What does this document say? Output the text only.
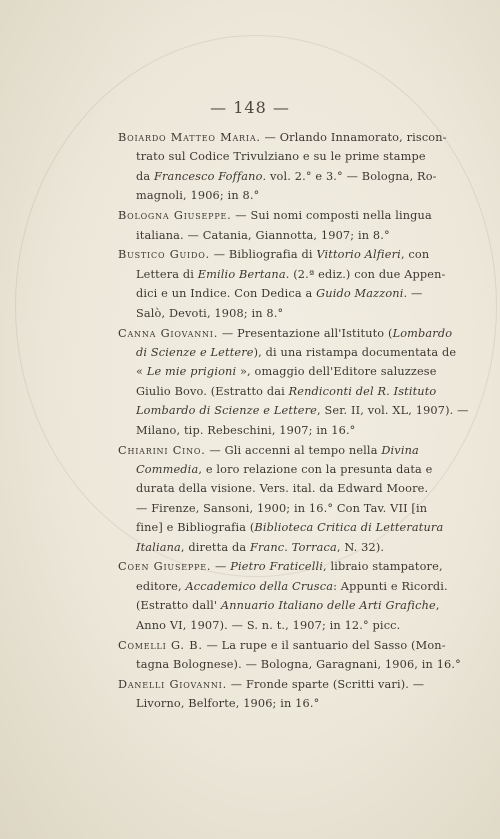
— 148 —
Boiardo Matteo Maria. — Orlando Innamorato, riscon-
trato sul Codice Trivulziano e su le prime stampe
da Francesco Foffano. vol. 2.° e 3.° — Bologna, Ro-
magnoli, 1906; in 8.°
Bologna Giuseppe. — Sui nomi composti nella lingua
italiana. — Catania, Giannotta, 1907; in 8.°
Bustico Guido. — Bibliografia di Vittorio Alfieri, con
Lettera di Emilio Bertana. (2.ª ediz.) con due Appen-
dici e un Indice. Con Dedica a Guido Mazzoni. —
Salò, Devoti, 1908; in 8.°
Canna Giovanni. — Presentazione all'Istituto (Lombardo
di Scienze e Lettere), di una ristampa documentata de
« Le mie prigioni », omaggio dell'Editore saluzzese
Giulio Bovo. (Estratto dai Rendiconti del R. Istituto
Lombardo di Scienze e Lettere, Ser. II, vol. XL, 1907). —
Milano, tip. Rebeschini, 1907; in 16.°
Chiarini Cino. — Gli accenni al tempo nella Divina
Commedia, e loro relazione con la presunta data e
durata della visione. Vers. ital. da Edward Moore.
— Firenze, Sansoni, 1900; in 16.° Con Tav. VII [in
fine] e Bibliografia (Biblioteca Critica di Letteratura
Italiana, diretta da Franc. Torraca, N. 32).
Coen Giuseppe. — Pietro Fraticelli, libraio stampatore,
editore, Accademico della Crusca: Appunti e Ricordi.
(Estratto dall' Annuario Italiano delle Arti Grafiche,
Anno VI, 1907). — S. n. t., 1907; in 12.° picc.
Comelli G. B. — La rupe e il santuario del Sasso (Mon-
tagna Bolognese). — Bologna, Garagnani, 1906, in 16.°
Danelli Giovanni. — Fronde sparte (Scritti vari). —
Livorno, Belforte, 1906; in 16.°
